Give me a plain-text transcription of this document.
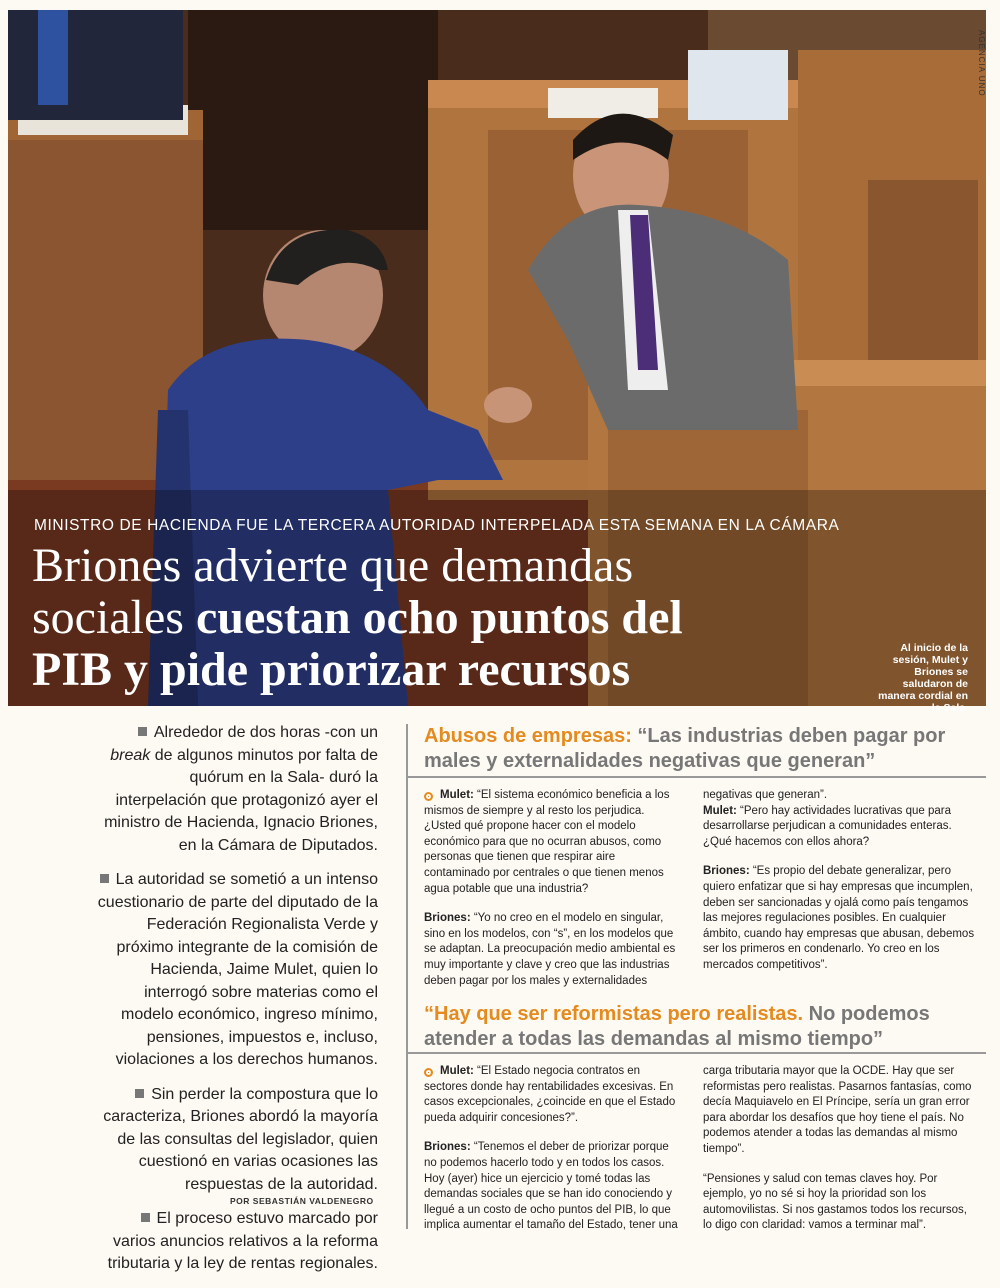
AGENCIA UNO
MINISTRO DE HACIENDA FUE LA TERCERA AUTORIDAD INTERPELADA ESTA SEMANA EN LA CÁMARA
Briones advierte que demandas
sociales cuestan ocho puntos del
PIB y pide priorizar recursos	Al inicio de la sesión, Mulet y Briones se saludaron de manera cordial en la Sala.

Alrededor de dos horas -con un break de algunos minutos por falta de quórum en la Sala- duró la interpelación que protagonizó ayer el ministro de Hacienda, Ignacio Briones, en la Cámara de Diputados.

La autoridad se sometió a un intenso cuestionario de parte del diputado de la Federación Regionalista Verde y próximo integrante de la comisión de Hacienda, Jaime Mulet, quien lo interrogó sobre materias como el modelo económico, ingreso mínimo, pensiones, impuestos e, incluso, violaciones a los derechos humanos.

Sin perder la compostura que lo caracteriza, Briones abordó la mayoría de las consultas del legislador, quien cuestionó en varias ocasiones las respuestas de la autoridad.

El proceso estuvo marcado por varios anuncios relativos a la reforma tributaria y la ley de rentas regionales.

POR SEBASTIÁN VALDENEGRO
Abusos de empresas: “Las industrias deben pagar por males y externalidades negativas que generan”

Mulet: “El sistema económico beneficia a los mismos de siempre y al resto los perjudica. ¿Usted qué propone hacer con el modelo económico para que no ocurran abusos, como personas que tienen que respirar aire contaminado por centrales o que tienen menos agua potable que una industria?

Briones: “Yo no creo en el modelo en singular, sino en los modelos, con “s”, en los modelos que se adaptan. La preocupación medio ambiental es muy importante y clave y creo que las industrias deben pagar por los males y externalidades

negativas que generan”.

Mulet: “Pero hay actividades lucrativas que para desarrollarse perjudican a comunidades enteras. ¿Qué hacemos con ellos ahora?

Briones: “Es propio del debate generalizar, pero quiero enfatizar que si hay empresas que incumplen, deben ser sancionadas y ojalá como país tengamos las mejores regulaciones posibles. En cualquier ámbito, cuando hay empresas que abusan, debemos ser los primeros en condenarlo. Yo creo en los mercados competitivos”.

“Hay que ser reformistas pero realistas. No podemos atender a todas las demandas al mismo tiempo”

Mulet: “El Estado negocia contratos en sectores donde hay rentabilidades excesivas. En casos excepcionales, ¿coincide en que el Estado pueda adquirir concesiones?”.

Briones: “Tenemos el deber de priorizar porque no podemos hacerlo todo y en todos los casos. Hoy (ayer) hice un ejercicio y tomé todas las demandas sociales que se han ido conociendo y llegué a un costo de ocho puntos del PIB, lo que implica aumentar el tamaño del Estado, tener una

carga tributaria mayor que la OCDE. Hay que ser reformistas pero realistas. Pasarnos fantasías, como decía Maquiavelo en El Príncipe, sería un gran error para abordar los desafíos que hoy tiene el país. No podemos atender a todas las demandas al mismo tiempo”.

“Pensiones y salud con temas claves hoy. Por ejemplo, yo no sé si hoy la prioridad son los automovilistas. Si nos gastamos todos los recursos, lo digo con claridad: vamos a terminar mal”.
